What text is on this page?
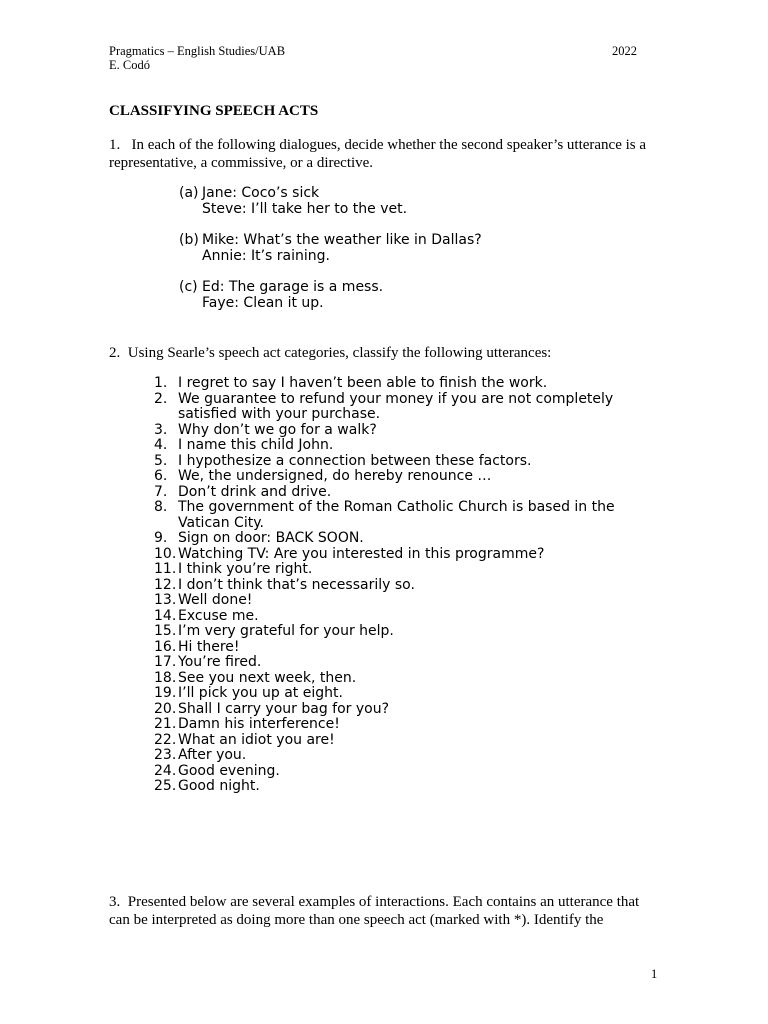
Pragmatics – English Studies/UAB	2022
E. Codó
CLASSIFYING SPEECH ACTS
1. In each of the following dialogues, decide whether the second speaker’s utterance is a representative, a commissive, or a directive.
(a) Jane: Coco’s sick
Steve: I’ll take her to the vet.
(b) Mike: What’s the weather like in Dallas?
Annie: It’s raining.
(c) Ed: The garage is a mess.
Faye: Clean it up.
2. Using Searle’s speech act categories, classify the following utterances:
1. I regret to say I haven’t been able to finish the work.
2. We guarantee to refund your money if you are not completely satisfied with your purchase.
3. Why don’t we go for a walk?
4. I name this child John.
5. I hypothesize a connection between these factors.
6. We, the undersigned, do hereby renounce …
7. Don’t drink and drive.
8. The government of the Roman Catholic Church is based in the Vatican City.
9. Sign on door: BACK SOON.
10. Watching TV: Are you interested in this programme?
11. I think you’re right.
12. I don’t think that’s necessarily so.
13. Well done!
14. Excuse me.
15. I’m very grateful for your help.
16. Hi there!
17. You’re fired.
18. See you next week, then.
19. I’ll pick you up at eight.
20. Shall I carry your bag for you?
21. Damn his interference!
22. What an idiot you are!
23. After you.
24. Good evening.
25. Good night.
3. Presented below are several examples of interactions. Each contains an utterance that
can be interpreted as doing more than one speech act (marked with *). Identify the
1
